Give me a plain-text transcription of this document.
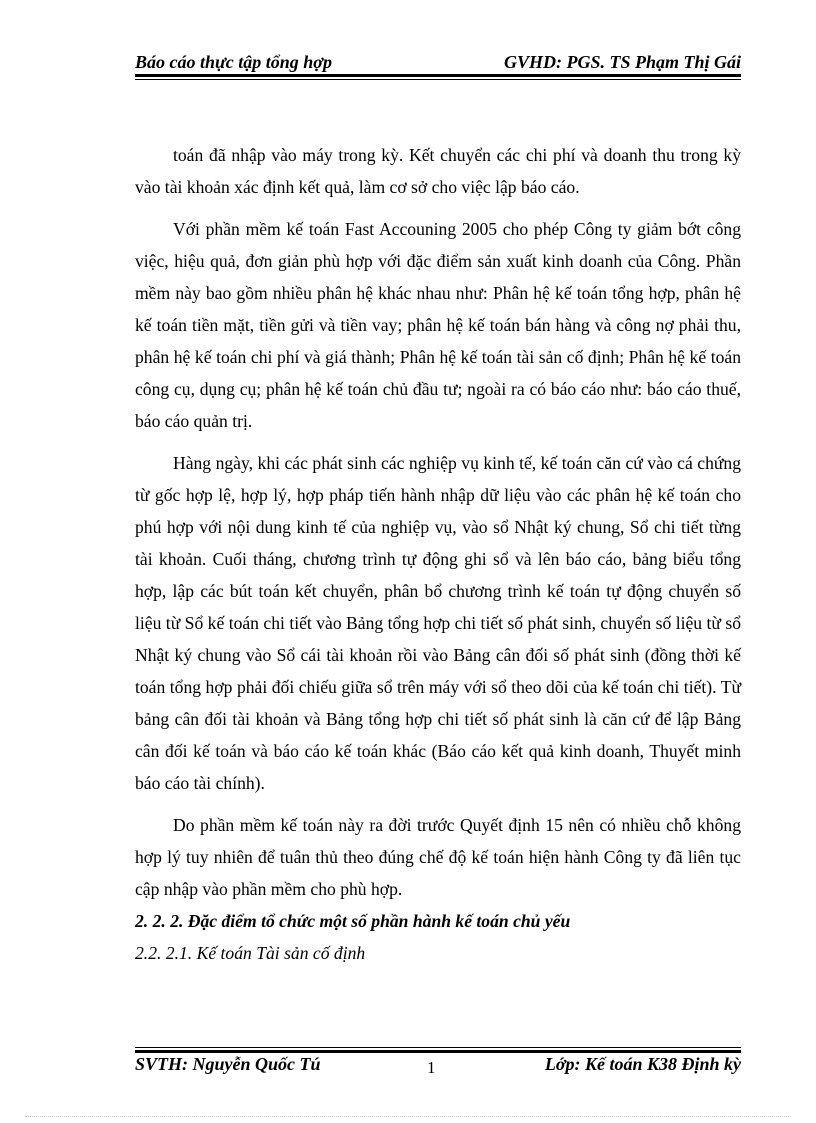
Báo cáo thực tập tổng hợp	GVHD: PGS. TS Phạm Thị Gái

toán đã nhập vào máy trong kỳ. Kết chuyển các chi phí và doanh thu trong kỳ vào tài khoản xác định kết quả, làm cơ sở cho việc lập báo cáo.

Với phần mềm kế toán Fast Accouning 2005 cho phép Công ty giảm bớt công việc, hiệu quả, đơn giản phù hợp với đặc điểm sản xuất kinh doanh của Công. Phần mềm này bao gồm nhiều phân hệ khác nhau như: Phân hệ kế toán tổng hợp, phân hệ kế toán tiền mặt, tiền gửi và tiền vay; phân hệ kế toán bán hàng và công nợ phải thu, phân hệ kế toán chi phí và giá thành; Phân hệ kế toán tài sản cố định; Phân hệ kế toán công cụ, dụng cụ; phân hệ kế toán chủ đầu tư; ngoài ra có báo cáo như: báo cáo thuế, báo cáo quản trị.

Hàng ngày, khi các phát sinh các nghiệp vụ kinh tế, kế toán căn cứ vào cá chứng từ gốc hợp lệ, hợp lý, hợp pháp tiến hành nhập dữ liệu vào các phân hệ kế toán cho phú hợp với nội dung kinh tế của nghiệp vụ, vào sổ Nhật ký chung, Sổ chi tiết từng tài khoản. Cuối tháng, chương trình tự động ghi sổ và lên báo cáo, bảng biểu tổng hợp, lập các bút toán kết chuyển, phân bổ chương trình kế toán tự động chuyển số liệu từ Sổ kế toán chi tiết vào Bảng tổng hợp chi tiết số phát sinh, chuyển số liệu từ sổ Nhật ký chung vào Sổ cái tài khoản rồi vào Bảng cân đối số phát sinh (đồng thời kế toán tổng hợp phải đối chiếu giữa sổ trên máy với sổ theo dõi của kế toán chi tiết). Từ bảng cân đối tài khoản và Bảng tổng hợp chi tiết số phát sinh là căn cứ để lập Bảng cân đối kế toán và báo cáo kế toán khác (Báo cáo kết quả kinh doanh, Thuyết minh báo cáo tài chính).

Do phần mềm kế toán này ra đời trước Quyết định 15 nên có nhiều chỗ không hợp lý tuy nhiên để tuân thủ theo đúng chế độ kế toán hiện hành Công ty đã liên tục cập nhập vào phần mềm cho phù hợp.

2. 2. 2. Đặc điểm tổ chức một số phần hành kế toán chủ yếu
2.2. 2.1. Kế toán Tài sản cố định
SVTH: Nguyễn Quốc Tú	1	Lớp: Kế toán K38 Định kỳ
